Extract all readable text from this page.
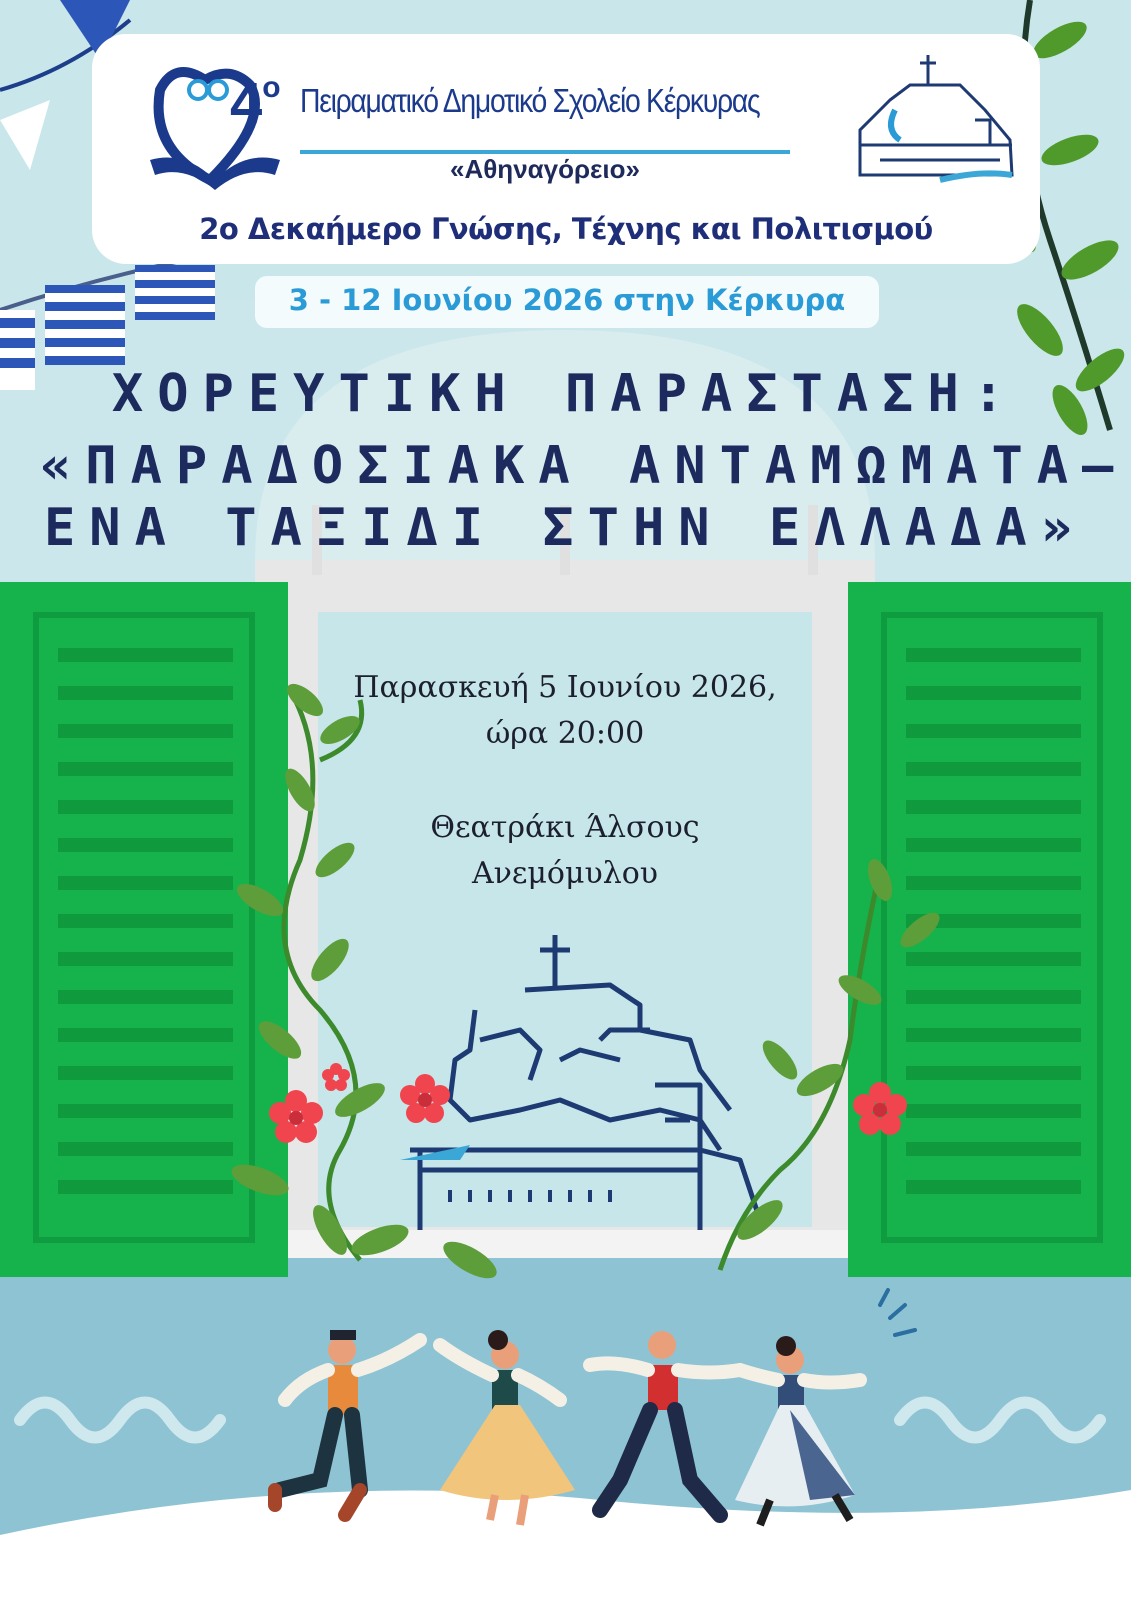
$4^o$ Πειραματικό Δημοτικό Σχολείο Κέρκυρας
«Αθηναγόρειο»
2ο Δεκαήμερο Γνώσης, Τέχνης και Πολιτισμού
3 - 12 Ιουνίου 2026 στην Κέρκυρα
ΧΟΡΕΥΤΙΚΗ ΠΑΡΑΣΤΑΣΗ:
«ΠΑΡΑΔΟΣΙΑΚΑ ΑΝΤΑΜΩΜΑΤΑ–
ΕΝΑ ΤΑΞΙΔΙ ΣΤΗΝ ΕΛΛΑΔΑ»
Παρασκευή 5 Ιουνίου 2026,
ώρα 20:00
Θεατράκι Άλσους
Ανεμόμυλου
